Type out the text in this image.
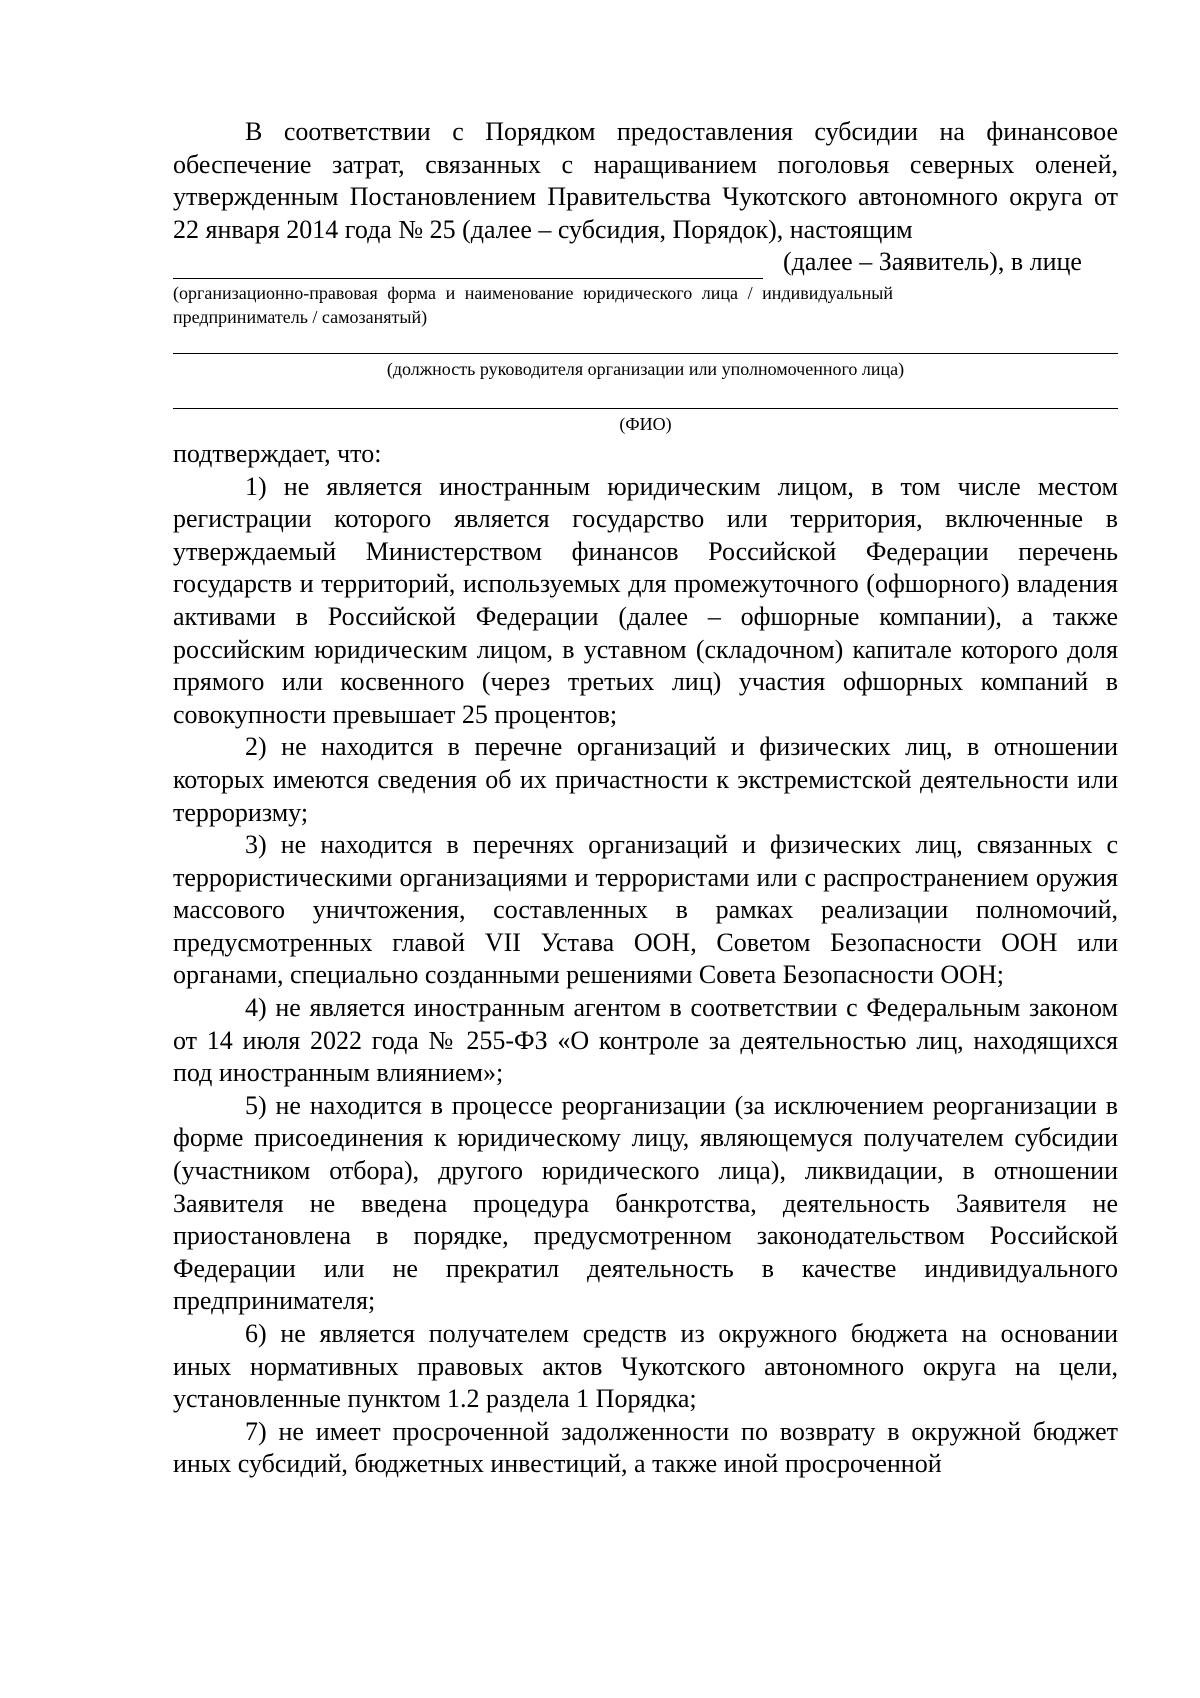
В соответствии с Порядком предоставления субсидии на финансовое обеспечение затрат, связанных с наращиванием поголовья северных оленей, утвержденным Постановлением Правительства Чукотского автономного округа от 22 января 2014 года № 25 (далее – субсидия, Порядок), настоящим

(далее – Заявитель), в лице

(организационно-правовая форма и наименование юридического лица / индивидуальный предприниматель / самозанятый)

(должность руководителя организации или уполномоченного лица)
(ФИО)

подтверждает, что:

1) не является иностранным юридическим лицом, в том числе местом регистрации которого является государство или территория, включенные в утверждаемый Министерством финансов Российской Федерации перечень государств и территорий, используемых для промежуточного (офшорного) владения активами в Российской Федерации (далее – офшорные компании), а также российским юридическим лицом, в уставном (складочном) капитале которого доля прямого или косвенного (через третьих лиц) участия офшорных компаний в совокупности превышает 25 процентов;

2) не находится в перечне организаций и физических лиц, в отношении которых имеются сведения об их причастности к экстремистской деятельности или терроризму;

3) не находится в перечнях организаций и физических лиц, связанных с террористическими организациями и террористами или с распространением оружия массового уничтожения, составленных в рамках реализации полномочий, предусмотренных главой VII Устава ООН, Советом Безопасности ООН или органами, специально созданными решениями Совета Безопасности ООН;

4) не является иностранным агентом в соответствии с Федеральным законом от 14 июля 2022 года № 255-ФЗ «О контроле за деятельностью лиц, находящихся под иностранным влиянием»;

5) не находится в процессе реорганизации (за исключением реорганизации в форме присоединения к юридическому лицу, являющемуся получателем субсидии (участником отбора), другого юридического лица), ликвидации, в отношении Заявителя не введена процедура банкротства, деятельность Заявителя не приостановлена в порядке, предусмотренном законодательством Российской Федерации или не прекратил деятельность в качестве индивидуального предпринимателя;

6) не является получателем средств из окружного бюджета на основании иных нормативных правовых актов Чукотского автономного округа на цели, установленные пунктом 1.2 раздела 1 Порядка;

7) не имеет просроченной задолженности по возврату в окружной бюджет иных субсидий, бюджетных инвестиций, а также иной просроченной
